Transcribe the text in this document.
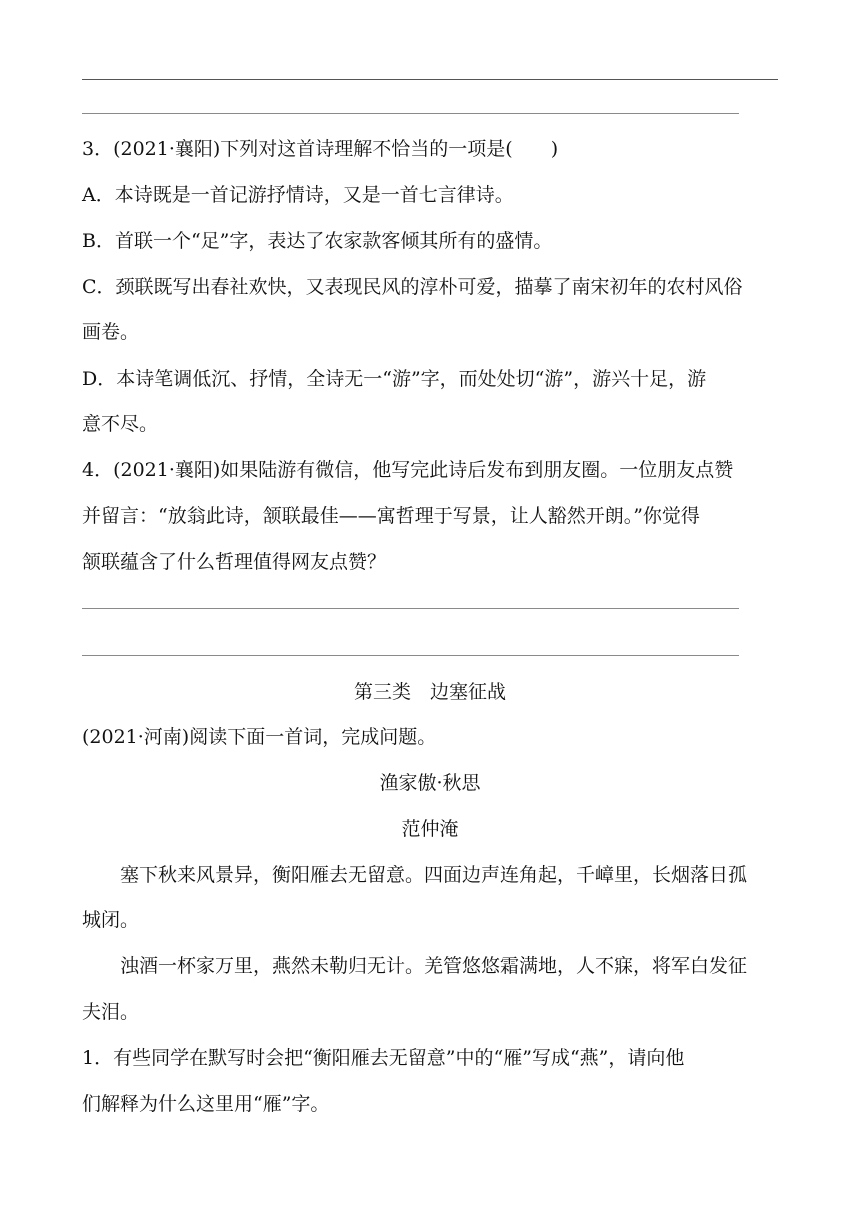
3．(2021·襄阳)下列对这首诗理解不恰当的一项是(　　)
A．本诗既是一首记游抒情诗，又是一首七言律诗。
B．首联一个“足”字，表达了农家款客倾其所有的盛情。
C．颈联既写出春社欢快，又表现民风的淳朴可爱，描摹了南宋初年的农村风俗
画卷。
D．本诗笔调低沉、抒情，全诗无一“游”字，而处处切“游”，游兴十足，游
意不尽。
4．(2021·襄阳)如果陆游有微信，他写完此诗后发布到朋友圈。一位朋友点赞
并留言：“放翁此诗，颔联最佳——寓哲理于写景，让人豁然开朗。”你觉得
颔联蕴含了什么哲理值得网友点赞？
第三类　边塞征战
(2021·河南)阅读下面一首词，完成问题。
渔家傲·秋思
范仲淹
塞下秋来风景异，衡阳雁去无留意。四面边声连角起，千嶂里，长烟落日孤
城闭。
浊酒一杯家万里，燕然未勒归无计。羌管悠悠霜满地，人不寐，将军白发征
夫泪。
1．有些同学在默写时会把“衡阳雁去无留意”中的“雁”写成“燕”，请向他
们解释为什么这里用“雁”字。
